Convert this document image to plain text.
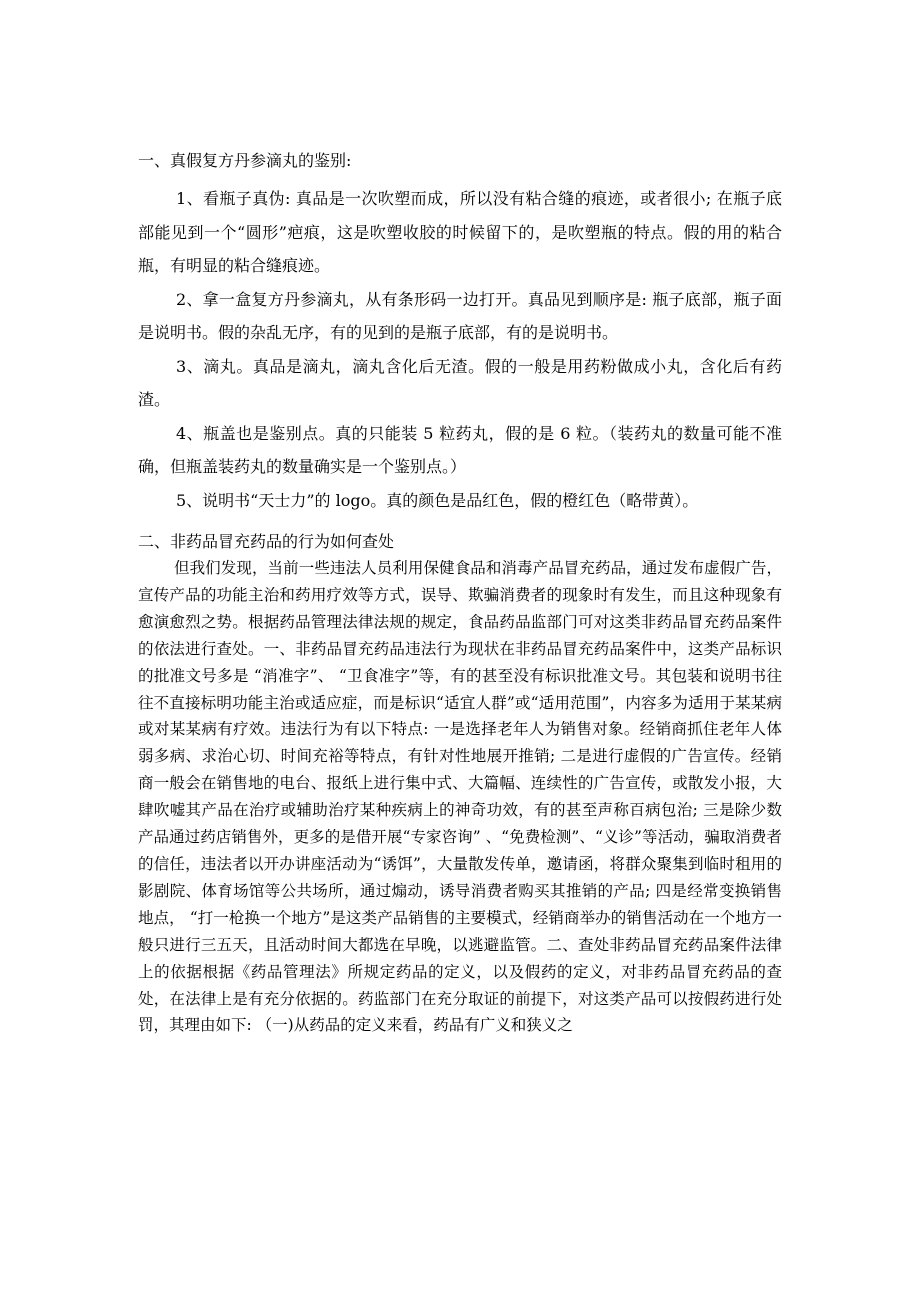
一、真假复方丹参滴丸的鉴别:

1、看瓶子真伪: 真品是一次吹塑而成，所以没有粘合缝的痕迹，或者很小; 在瓶子底部能见到一个“圆形”疤痕，这是吹塑收胶的时候留下的，是吹塑瓶的特点。假的用的粘合瓶，有明显的粘合缝痕迹。

2、拿一盒复方丹参滴丸，从有条形码一边打开。真品见到顺序是: 瓶子底部，瓶子面是说明书。假的杂乱无序，有的见到的是瓶子底部，有的是说明书。

3、滴丸。真品是滴丸，滴丸含化后无渣。假的一般是用药粉做成小丸，含化后有药渣。

4、瓶盖也是鉴别点。真的只能装 5 粒药丸，假的是 6 粒。（装药丸的数量可能不准确，但瓶盖装药丸的数量确实是一个鉴别点。）

5、说明书“天士力”的 logo。真的颜色是品红色，假的橙红色（略带黄）。

二、非药品冒充药品的行为如何查处

但我们发现，当前一些违法人员利用保健食品和消毒产品冒充药品，通过发布虚假广告，宣传产品的功能主治和药用疗效等方式，误导、欺骗消费者的现象时有发生，而且这种现象有愈演愈烈之势。根据药品管理法律法规的规定，食品药品监部门可对这类非药品冒充药品案件的依法进行查处。一、非药品冒充药品违法行为现状在非药品冒充药品案件中，这类产品标识的批准文号多是 “消准字”、 “卫食准字”等，有的甚至没有标识批准文号。其包装和说明书往往不直接标明功能主治或适应症，而是标识“适宜人群”或“适用范围”，内容多为适用于某某病或对某某病有疗效。违法行为有以下特点: 一是选择老年人为销售对象。经销商抓住老年人体弱多病、求治心切、时间充裕等特点，有针对性地展开推销; 二是进行虚假的广告宣传。经销商一般会在销售地的电台、报纸上进行集中式、大篇幅、连续性的广告宣传，或散发小报，大肆吹嘘其产品在治疗或辅助治疗某种疾病上的神奇功效，有的甚至声称百病包治; 三是除少数产品通过药店销售外，更多的是借开展“专家咨询” 、“免费检测”、“义诊”等活动，骗取消费者的信任，违法者以开办讲座活动为“诱饵”，大量散发传单，邀请函，将群众聚集到临时租用的影剧院、体育场馆等公共场所，通过煽动，诱导消费者购买其推销的产品; 四是经常变换销售地点， “打一枪换一个地方”是这类产品销售的主要模式，经销商举办的销售活动在一个地方一般只进行三五天，且活动时间大都选在早晚，以逃避监管。二、查处非药品冒充药品案件法律上的依据根据《药品管理法》所规定药品的定义，以及假药的定义，对非药品冒充药品的查处，在法律上是有充分依据的。药监部门在充分取证的前提下，对这类产品可以按假药进行处罚，其理由如下: （一)从药品的定义来看，药品有广义和狭义之
